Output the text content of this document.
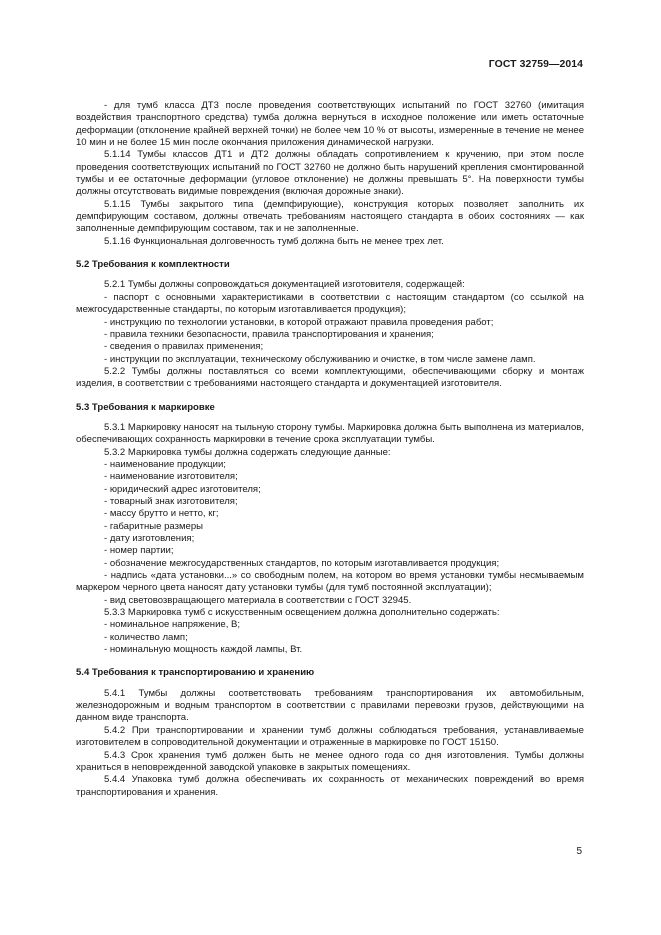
ГОСТ 32759—2014

- для тумб класса ДТ3 после проведения соответствующих испытаний по ГОСТ 32760 (имитация воздействия транспортного средства) тумба должна вернуться в исходное положение или иметь остаточные деформации (отклонение крайней верхней точки) не более чем 10 % от высоты, измеренные в течение не менее 10 мин и не более 15 мин после окончания приложения динамической нагрузки.

5.1.14 Тумбы классов ДТ1 и ДТ2 должны обладать сопротивлением к кручению, при этом после проведения соответствующих испытаний по ГОСТ 32760 не должно быть нарушений крепления смонтированной тумбы и ее остаточные деформации (угловое отклонение) не должны превышать 5°. На поверхности тумбы должны отсутствовать видимые повреждения (включая дорожные знаки).

5.1.15 Тумбы закрытого типа (демпфирующие), конструкция которых позволяет заполнить их демпфирующим составом, должны отвечать требованиям настоящего стандарта в обоих состояниях — как заполненные демпфирующим составом, так и не заполненные.

5.1.16 Функциональная долговечность тумб должна быть не менее трех лет.

5.2 Требования к комплектности

5.2.1 Тумбы должны сопровождаться документацией изготовителя, содержащей:

- паспорт с основными характеристиками в соответствии с настоящим стандартом (со ссылкой на межгосударственные стандарты, по которым изготавливается продукция);

- инструкцию по технологии установки, в которой отражают правила проведения работ;

- правила техники безопасности, правила транспортирования и хранения;

- сведения о правилах применения;

- инструкции по эксплуатации, техническому обслуживанию и очистке, в том числе замене ламп.

5.2.2 Тумбы должны поставляться со всеми комплектующими, обеспечивающими сборку и монтаж изделия, в соответствии с требованиями настоящего стандарта и документацией изготовителя.

5.3 Требования к маркировке

5.3.1 Маркировку наносят на тыльную сторону тумбы. Маркировка должна быть выполнена из материалов, обеспечивающих сохранность маркировки в течение срока эксплуатации тумбы.

5.3.2 Маркировка тумбы должна содержать следующие данные:

- наименование продукции;

- наименование изготовителя;

- юридический адрес изготовителя;

- товарный знак изготовителя;

- массу брутто и нетто, кг;

- габаритные размеры

- дату изготовления;

- номер партии;

- обозначение межгосударственных стандартов, по которым изготавливается продукция;

- надпись «дата установки...» со свободным полем, на котором во время установки тумбы несмываемым маркером черного цвета наносят дату установки тумбы (для тумб постоянной эксплуатации);

- вид световозвращающего материала в соответствии с ГОСТ 32945.

5.3.3 Маркировка тумб с искусственным освещением должна дополнительно содержать:

- номинальное напряжение, В;

- количество ламп;

- номинальную мощность каждой лампы, Вт.

5.4 Требования к транспортированию и хранению

5.4.1 Тумбы должны соответствовать требованиям транспортирования их автомобильным, железнодорожным и водным транспортом в соответствии с правилами перевозки грузов, действующими на данном виде транспорта.

5.4.2 При транспортировании и хранении тумб должны соблюдаться требования, устанавливаемые изготовителем в сопроводительной документации и отраженные в маркировке по ГОСТ 15150.

5.4.3 Срок хранения тумб должен быть не менее одного года со дня изготовления. Тумбы должны храниться в неповрежденной заводской упаковке в закрытых помещениях.

5.4.4 Упаковка тумб должна обеспечивать их сохранность от механических повреждений во время транспортирования и хранения.

5
